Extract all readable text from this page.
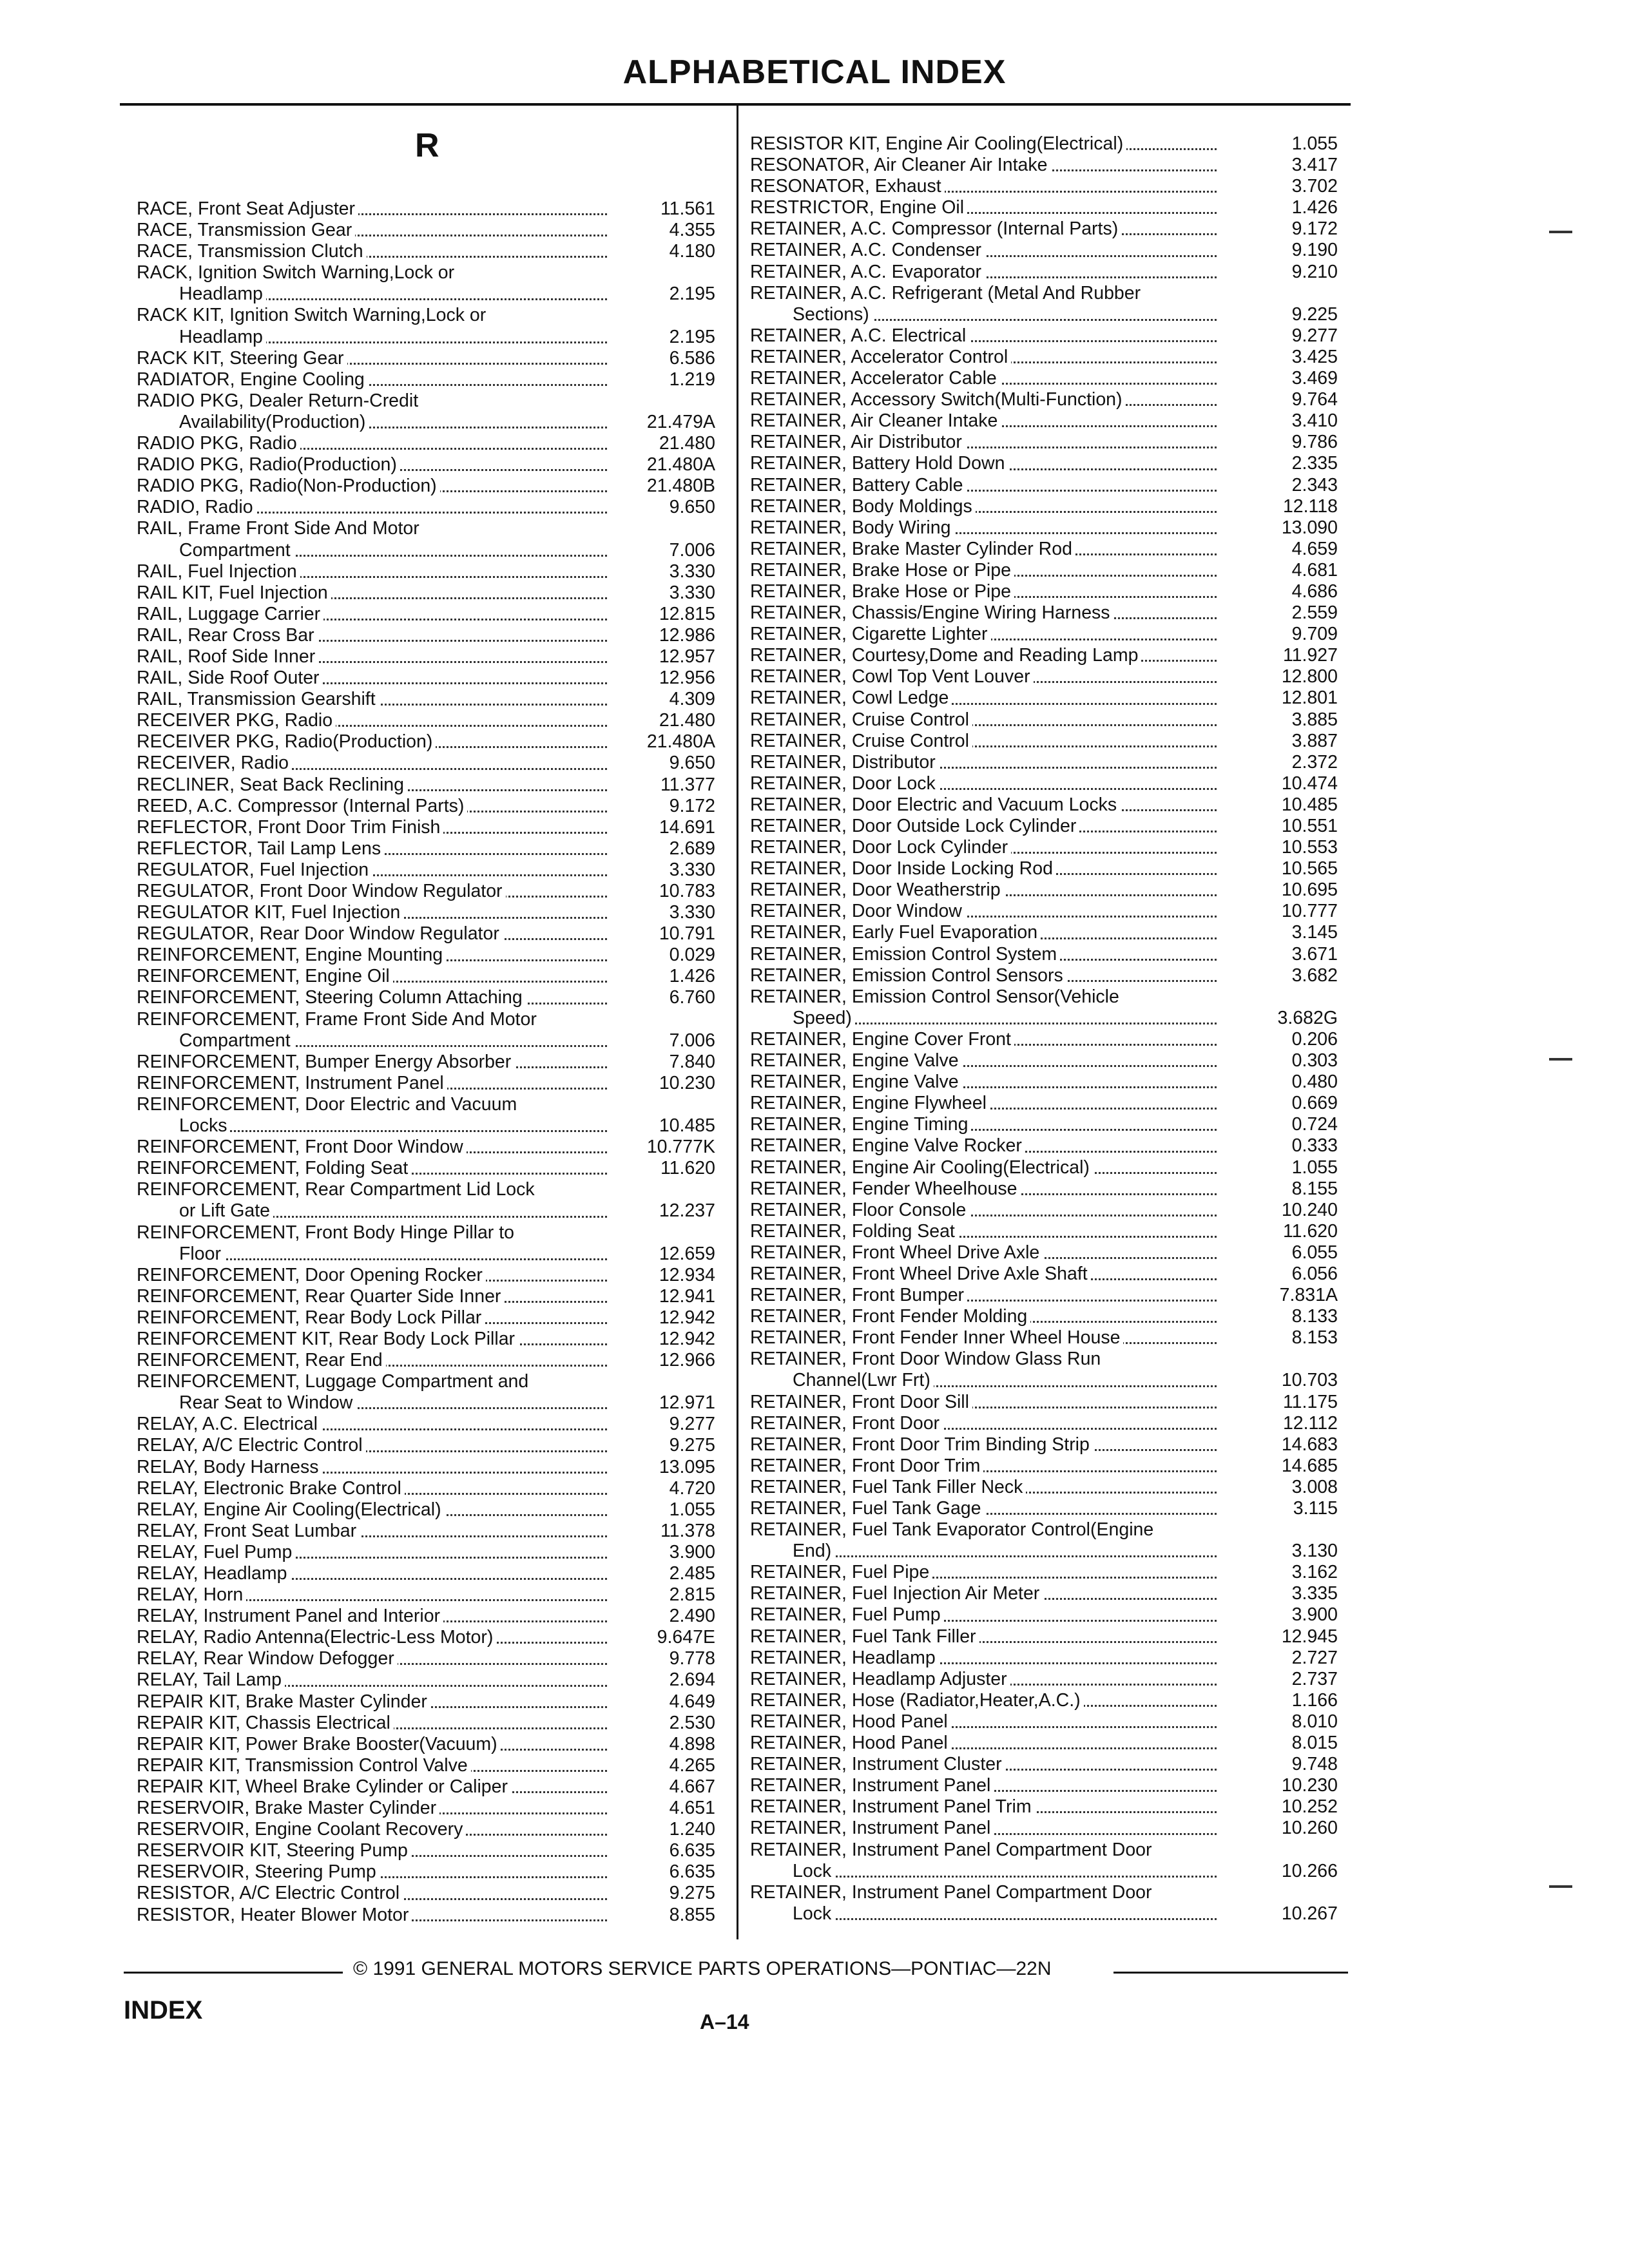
ALPHABETICAL INDEX
R
RACE, Front Seat Adjuster	11.561
RACE, Transmission Gear	4.355
RACE, Transmission Clutch	4.180
RACK, Ignition Switch Warning,Lock or
Headlamp	2.195
RACK KIT, Ignition Switch Warning,Lock or
Headlamp	2.195
RACK KIT, Steering Gear	6.586
RADIATOR, Engine Cooling	1.219
RADIO PKG, Dealer Return-Credit
Availability(Production)	21.479A
RADIO PKG, Radio	21.480
RADIO PKG, Radio(Production)	21.480A
RADIO PKG, Radio(Non-Production)	21.480B
RADIO, Radio	9.650
RAIL, Frame Front Side And Motor
Compartment	7.006
RAIL, Fuel Injection	3.330
RAIL KIT, Fuel Injection	3.330
RAIL, Luggage Carrier	12.815
RAIL, Rear Cross Bar	12.986
RAIL, Roof Side Inner	12.957
RAIL, Side Roof Outer	12.956
RAIL, Transmission Gearshift	4.309
RECEIVER PKG, Radio	21.480
RECEIVER PKG, Radio(Production)	21.480A
RECEIVER, Radio	9.650
RECLINER, Seat Back Reclining	11.377
REED, A.C. Compressor (Internal Parts)	9.172
REFLECTOR, Front Door Trim Finish	14.691
REFLECTOR, Tail Lamp Lens	2.689
REGULATOR, Fuel Injection	3.330
REGULATOR, Front Door Window Regulator	10.783
REGULATOR KIT, Fuel Injection	3.330
REGULATOR, Rear Door Window Regulator	10.791
REINFORCEMENT, Engine Mounting	0.029
REINFORCEMENT, Engine Oil	1.426
REINFORCEMENT, Steering Column Attaching	6.760
REINFORCEMENT, Frame Front Side And Motor
Compartment	7.006
REINFORCEMENT, Bumper Energy Absorber	7.840
REINFORCEMENT, Instrument Panel	10.230
REINFORCEMENT, Door Electric and Vacuum
Locks	10.485
REINFORCEMENT, Front Door Window	10.777K
REINFORCEMENT, Folding Seat	11.620
REINFORCEMENT, Rear Compartment Lid Lock
or Lift Gate	12.237
REINFORCEMENT, Front Body Hinge Pillar to
Floor	12.659
REINFORCEMENT, Door Opening Rocker	12.934
REINFORCEMENT, Rear Quarter Side Inner	12.941
REINFORCEMENT, Rear Body Lock Pillar	12.942
REINFORCEMENT KIT, Rear Body Lock Pillar	12.942
REINFORCEMENT, Rear End	12.966
REINFORCEMENT, Luggage Compartment and
Rear Seat to Window	12.971
RELAY, A.C. Electrical	9.277
RELAY, A/C Electric Control	9.275
RELAY, Body Harness	13.095
RELAY, Electronic Brake Control	4.720
RELAY, Engine Air Cooling(Electrical)	1.055
RELAY, Front Seat Lumbar	11.378
RELAY, Fuel Pump	3.900
RELAY, Headlamp	2.485
RELAY, Horn	2.815
RELAY, Instrument Panel and Interior	2.490
RELAY, Radio Antenna(Electric-Less Motor)	9.647E
RELAY, Rear Window Defogger	9.778
RELAY, Tail Lamp	2.694
REPAIR KIT, Brake Master Cylinder	4.649
REPAIR KIT, Chassis Electrical	2.530
REPAIR KIT, Power Brake Booster(Vacuum)	4.898
REPAIR KIT, Transmission Control Valve	4.265
REPAIR KIT, Wheel Brake Cylinder or Caliper	4.667
RESERVOIR, Brake Master Cylinder	4.651
RESERVOIR, Engine Coolant Recovery	1.240
RESERVOIR KIT, Steering Pump	6.635
RESERVOIR, Steering Pump	6.635
RESISTOR, A/C Electric Control	9.275
RESISTOR, Heater Blower Motor	8.855
RESISTOR KIT, Engine Air Cooling(Electrical)	1.055
RESONATOR, Air Cleaner Air Intake	3.417
RESONATOR, Exhaust	3.702
RESTRICTOR, Engine Oil	1.426
RETAINER, A.C. Compressor (Internal Parts)	9.172
RETAINER, A.C. Condenser	9.190
RETAINER, A.C. Evaporator	9.210
RETAINER, A.C. Refrigerant (Metal And Rubber
Sections)	9.225
RETAINER, A.C. Electrical	9.277
RETAINER, Accelerator Control	3.425
RETAINER, Accelerator Cable	3.469
RETAINER, Accessory Switch(Multi-Function)	9.764
RETAINER, Air Cleaner Intake	3.410
RETAINER, Air Distributor	9.786
RETAINER, Battery Hold Down	2.335
RETAINER, Battery Cable	2.343
RETAINER, Body Moldings	12.118
RETAINER, Body Wiring	13.090
RETAINER, Brake Master Cylinder Rod	4.659
RETAINER, Brake Hose or Pipe	4.681
RETAINER, Brake Hose or Pipe	4.686
RETAINER, Chassis/Engine Wiring Harness	2.559
RETAINER, Cigarette Lighter	9.709
RETAINER, Courtesy,Dome and Reading Lamp	11.927
RETAINER, Cowl Top Vent Louver	12.800
RETAINER, Cowl Ledge	12.801
RETAINER, Cruise Control	3.885
RETAINER, Cruise Control	3.887
RETAINER, Distributor	2.372
RETAINER, Door Lock	10.474
RETAINER, Door Electric and Vacuum Locks	10.485
RETAINER, Door Outside Lock Cylinder	10.551
RETAINER, Door Lock Cylinder	10.553
RETAINER, Door Inside Locking Rod	10.565
RETAINER, Door Weatherstrip	10.695
RETAINER, Door Window	10.777
RETAINER, Early Fuel Evaporation	3.145
RETAINER, Emission Control System	3.671
RETAINER, Emission Control Sensors	3.682
RETAINER, Emission Control Sensor(Vehicle
Speed)	3.682G
RETAINER, Engine Cover Front	0.206
RETAINER, Engine Valve	0.303
RETAINER, Engine Valve	0.480
RETAINER, Engine Flywheel	0.669
RETAINER, Engine Timing	0.724
RETAINER, Engine Valve Rocker	0.333
RETAINER, Engine Air Cooling(Electrical)	1.055
RETAINER, Fender Wheelhouse	8.155
RETAINER, Floor Console	10.240
RETAINER, Folding Seat	11.620
RETAINER, Front Wheel Drive Axle	6.055
RETAINER, Front Wheel Drive Axle Shaft	6.056
RETAINER, Front Bumper	7.831A
RETAINER, Front Fender Molding	8.133
RETAINER, Front Fender Inner Wheel House	8.153
RETAINER, Front Door Window Glass Run
Channel(Lwr Frt)	10.703
RETAINER, Front Door Sill	11.175
RETAINER, Front Door	12.112
RETAINER, Front Door Trim Binding Strip	14.683
RETAINER, Front Door Trim	14.685
RETAINER, Fuel Tank Filler Neck	3.008
RETAINER, Fuel Tank Gage	3.115
RETAINER, Fuel Tank Evaporator Control(Engine
End)	3.130
RETAINER, Fuel Pipe	3.162
RETAINER, Fuel Injection Air Meter	3.335
RETAINER, Fuel Pump	3.900
RETAINER, Fuel Tank Filler	12.945
RETAINER, Headlamp	2.727
RETAINER, Headlamp Adjuster	2.737
RETAINER, Hose (Radiator,Heater,A.C.)	1.166
RETAINER, Hood Panel	8.010
RETAINER, Hood Panel	8.015
RETAINER, Instrument Cluster	9.748
RETAINER, Instrument Panel	10.230
RETAINER, Instrument Panel Trim	10.252
RETAINER, Instrument Panel	10.260
RETAINER, Instrument Panel Compartment Door
Lock	10.266
RETAINER, Instrument Panel Compartment Door
Lock	10.267
© 1991 GENERAL MOTORS SERVICE PARTS OPERATIONS—PONTIAC—22N
INDEX	A–14
